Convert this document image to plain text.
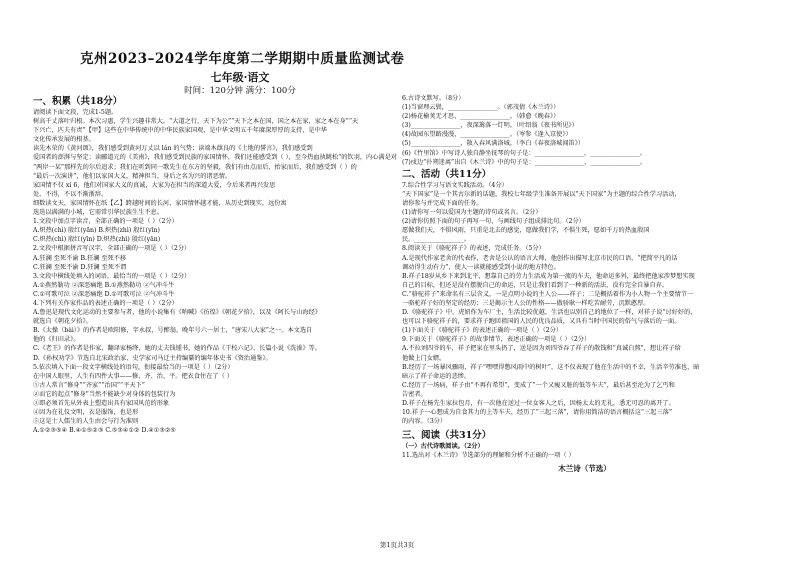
克州2023–2024学年度第二学期期中质量监测试卷
七年级·语文
时间：120分钟 满分：100分
一、积累（共18分）
请阅读下面文段，完成1-5题。
树高千丈落叶归根。本次习惠，学生兴趣非常大。“大道之行，天下为公”“天下之本在国，国之本在家，家之本在身”“天
下兴亡，匹夫有责”【甲】这些在中华传统中的中华民族家国观，是中华文明五千年赓深厚厚的支持，是中华
文化传承发展的根基。
读先木荣的《黄河颂》，我们感受到黄河万丈以 lán 的气势；读端木蕻良的《土地的誓言》，我们感受到
爱国者的澎湃与坚定；读郦道元的《美南》，我们感受到民族的家国情怀，我们还能感受到（ ），至今热血执眺松“的钦羽，内心满是对
“两岸一某”那样先的尔后追求；我们在听到同一歌先生在东方的坚毅，我们有由点而后，抬家而后，我们感受到（ ）的
“最后一次演讲”，他们以家国大义，精神担当，身后之名为兴的诸恶情。
家国情不仅 xí 6，他们对国家大义的真诚，大家为在担当的深道大爱，令后来者再兴发思
处，不得，不以不渐浙辞。
细数读文天，家国情怀在纸【乙】跨越时间的长河，家国情怀越才能，从历史到现实，远份寓
迭迭以满满的小城，它需常引华民族生生不息。
1.文段中加点字读音，全部正确的一项是（ ）（2分）
A.炽热(chì) 殷红(yān) B.炽热(zhì) 殷红(yīn)
C.炽热(chì) 殷红(yīn) D.炽热(zhì) 殷红(yān)
2.文段中根据拼音写汉字，全部正确的一项是（ ）（2分）
A.狂澜 至死不渝 B.狂澜 至死不移
C.狂澜 至死不渝 D.狂澜 至死不谓
3.文段中横线处填入的词语，最恰当的一项是（ ）（2分）
A.①燕然勒功 ②深恶痛绝 B.①燕然勒功 ②气冲斗牛
C.①可歌可泣 ②深恶痛绝 D.①可歌可泣 ②气冲斗牛
4.下列有关作家作品的表述正确的一项是（ ）（2分）
A.鲁迅是现代文化运动的主要参与者，他的小说集有《呐喊》《彷徨》《朝花夕拾》，以及《阿长与山海经》
就选自《朝花夕拾》。
B.《太操（bài）》的作者是欧阳修，字永叔，号醉翁，晚年号六一居士，“唐宋八大家”之一。本文选自
他的《归田录》。
C.《老王》的作者是作家、翻译家杨绛，她的丈夫钱锺书，她的作品《干校六记》、长篇小说《洗澡》等。
D.《孙权劝学》节选自北宋政治家、史学家司马迁主持编纂的编年体史书《资治通鉴》。
5.依次填入下面一段文字横线处的语句，衔接最恰当的一项是（ ）（2分）
在中国人眼里，人生有四件大事——修、齐、治、平。把衣食住在了（ ）
①古人常言“修身”“齐家”“治国”“平天下”
②而它的起点“修身”当然不能缺少对身体的包装行为
③即必须首先从外表上塑造出具有家国风范的形象
④因为在礼仪文明，衣是服饰，也是形
⑤这是士人儒生的人生由会与行为准则
A.①②③⑤④ B.④①⑤②③ C.⑤③④①② D.④①③②⑤
6.古诗文默写。（8分）
(1)当窗理云鬓，________________。（郭茂倩《木兰诗》）
(2)杨花榆荚无才思，________________。（韩愈《晚春》）
(3)________________，夜深篱落一灯明。（叶绍翁《夜书所见》）
(4)故园东望路漫漫，________________。（岑参《逢入京使》）
(5)________________，散入春风满洛城。（李白《春夜洛城闻笛》）
(6)《竹里馆》中写诗人独自静坐抚琴的句子是：________________，________________。
(7)戍边“扑朔迷离”出自《木兰诗》中的句子是：________________，________________。
二、活动（共11分）
7.综合性学习与语文实践活动。（4分）
“天下国家”是一个其古尔新的话题，我校七年级学生准备开展以“天下国家”为主题的综合性学习活动，
请你参与并完成下面的任务。
(1)请你写一句以爱国为主题的诗句或名言。（2分）
(2)请你仿照下面的句子再写一句，与画线句子组成排比句。（2分）
愿做我们天，不惧风雨，只重是北去的感觉，愿做我们学，不惧生死，愿如千万的热血殷国
民。________________。
8.阅读关于《骆驼祥子》的表述，完成任务。（5分）
A.是现代作家老舍的代表作，老舍是公认的语言大师，他创作出描写北京市民的口语，“把简平凡的话
调动得生动有力”，使人一读就能感受到小说的地方特色。
B.祥子18岁从乡下来到北平，想靠自己的劳力生活成为第一流的车夫，他命运多舛，最终把他家涉梦想实现
自己的目标，但还是没有摆脱自己的命运，只是让我们看到了一种新的活法，没有完全自暴自弃。
C.“骆驼祥子”来命名有三层含义，一是点明小说的主人公——祥子；二是概括着作为小人物一个主要情节一
一骆驼祥子好的坚定的经历；三是揭示主人公的性格——傲骄耿一样吃苦耐劳，沉默憨厚。
D.《骆驼祥子》中，虎妞作为车厂主，生活比较优越，生活也以别自己的地位了一样，对祥子说“讨好好的，
也可以下骆驼祥子的，要求祥子跑回祖国的人民的优良品质，又具有当时中国民的俗气与落后的一面。
(1)下面关于《骆驼祥子》的表述正确的一项是（ ）（2分）
9.下面关于《骆驼祥子》的故事情节，表述正确的一项是（ ）（2分）
A.不拉刘四爷的车，祥子把家在里头扔了，送是因为刘四爷吞了祥子的散钱和“真诚白熬”，想让祥子给
他做上门女婿。
B.经历了一场暴风骤雨，祥子“嘿嘿得憋风雨中的树叶”，这不仅表现了他在生活中的不幸，生活辛劳准也，暗
暗示了祥子命运的悲惨。
C.经历了一场病，祥子由“不再有希望”，变成了“一个又瘦又脏的低等车夫”，最后甚至沦为了乞丐和
告密者。
D.祥子在杨先生家拉包月，有一次他在送过一位女客人之后，因杨太太的无礼，悉无可忍的离开了。
10.祥子一心想成为自食其力的上等车夫，经历了“三起三落”，请你用简洁的语言概括这“三起三落”
的内容。（3分）
三、阅读（共31分）
（一）古代诗歌阅读。（2分）
11.选出对《木兰诗》节选部分的理解和分析不正确的一项（ ）
木兰诗（节选）
第1页共3页
